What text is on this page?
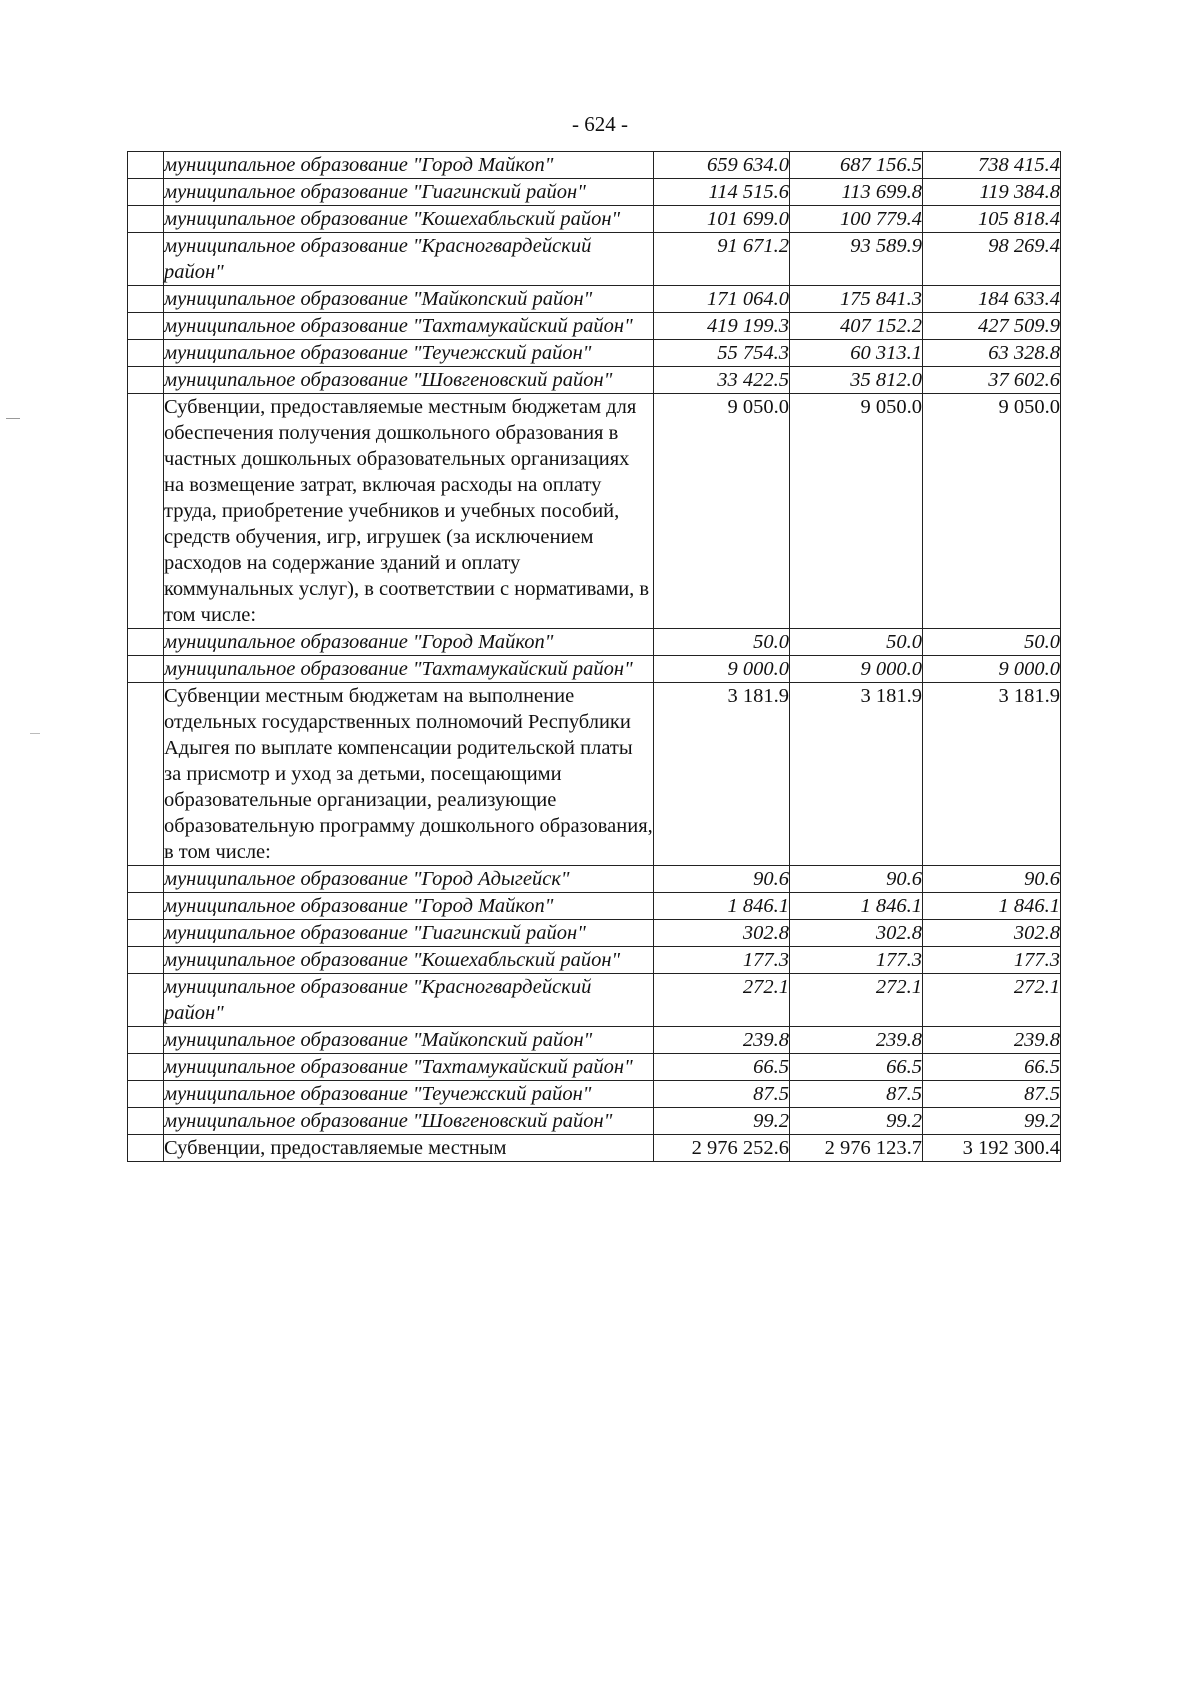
- 624 -
	муниципальное образование "Город Майкоп"	659 634.0	687 156.5	738 415.4
	муниципальное образование "Гиагинский район"	114 515.6	113 699.8	119 384.8
	муниципальное образование "Кошехабльский район"	101 699.0	100 779.4	105 818.4
	муниципальное образование "Красногвардейский район"	91 671.2	93 589.9	98 269.4
	муниципальное образование "Майкопский район"	171 064.0	175 841.3	184 633.4
	муниципальное образование "Тахтамукайский район"	419 199.3	407 152.2	427 509.9
	муниципальное образование "Теучежский район"	55 754.3	60 313.1	63 328.8
	муниципальное образование "Шовгеновский район"	33 422.5	35 812.0	37 602.6
	Субвенции, предоставляемые местным бюджетам для обеспечения получения дошкольного образования в частных дошкольных образовательных организациях на возмещение затрат, включая расходы на оплату труда, приобретение учебников и учебных пособий, средств обучения, игр, игрушек (за исключением расходов на содержание зданий и оплату коммунальных услуг), в соответствии с нормативами, в том числе:	9 050.0	9 050.0	9 050.0
	муниципальное образование "Город Майкоп"	50.0	50.0	50.0
	муниципальное образование "Тахтамукайский район"	9 000.0	9 000.0	9 000.0
	Субвенции местным бюджетам на выполнение отдельных государственных полномочий Республики Адыгея по выплате компенсации родительской платы за присмотр и уход за детьми, посещающими образовательные организации, реализующие образовательную программу дошкольного образования, в том числе:	3 181.9	3 181.9	3 181.9
	муниципальное образование "Город Адыгейск"	90.6	90.6	90.6
	муниципальное образование "Город Майкоп"	1 846.1	1 846.1	1 846.1
	муниципальное образование "Гиагинский район"	302.8	302.8	302.8
	муниципальное образование "Кошехабльский район"	177.3	177.3	177.3
	муниципальное образование "Красногвардейский район"	272.1	272.1	272.1
	муниципальное образование "Майкопский район"	239.8	239.8	239.8
	муниципальное образование "Тахтамукайский район"	66.5	66.5	66.5
	муниципальное образование "Теучежский район"	87.5	87.5	87.5
	муниципальное образование "Шовгеновский район"	99.2	99.2	99.2
	Субвенции, предоставляемые местным	2 976 252.6	2 976 123.7	3 192 300.4
